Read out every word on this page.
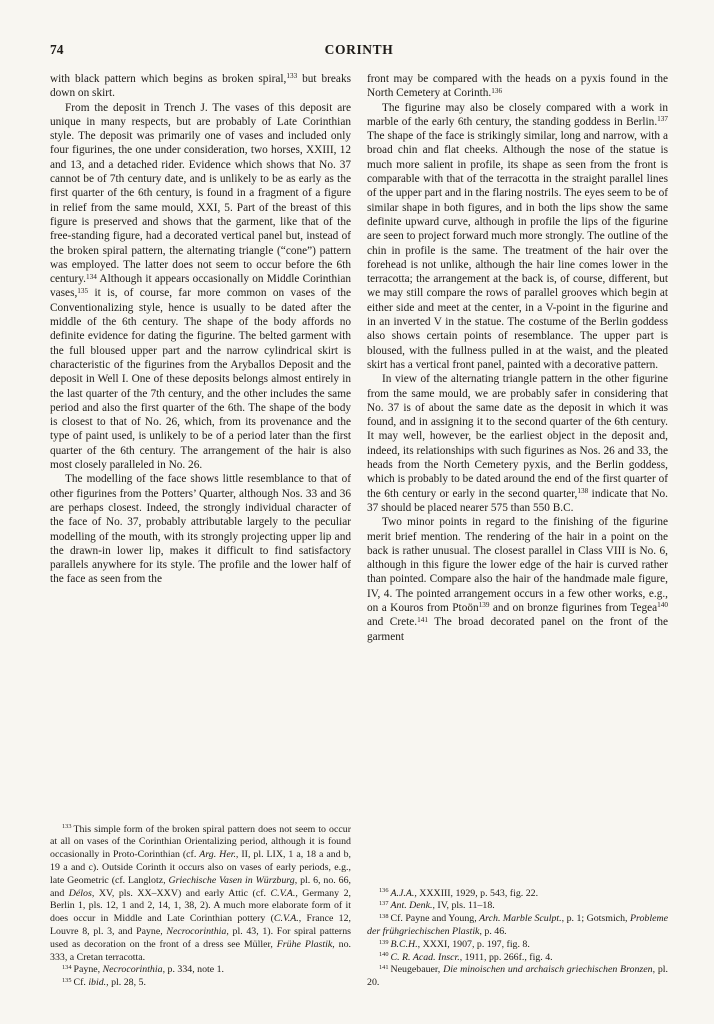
74	CORINTH

with black pattern which begins as broken spiral,$^{133}$ but breaks down on skirt.

From the deposit in Trench J. The vases of this deposit are unique in many respects, but are probably of Late Corinthian style. The deposit was primarily one of vases and included only four figurines, the one under consideration, two horses, XXIII, 12 and 13, and a detached rider. Evidence which shows that No. 37 cannot be of 7th century date, and is unlikely to be as early as the first quarter of the 6th century, is found in a fragment of a figure in relief from the same mould, XXI, 5. Part of the breast of this figure is preserved and shows that the garment, like that of the free-standing figure, had a decorated vertical panel but, instead of the broken spiral pattern, the alternating triangle (“cone”) pattern was employed. The latter does not seem to occur before the 6th century.$^{134}$ Although it appears occasionally on Middle Corinthian vases,$^{135}$ it is, of course, far more common on vases of the Conventionalizing style, hence is usually to be dated after the middle of the 6th century. The shape of the body affords no definite evidence for dating the figurine. The belted garment with the full bloused upper part and the narrow cylindrical skirt is characteristic of the figurines from the Aryballos Deposit and the deposit in Well I. One of these deposits belongs almost entirely in the last quarter of the 7th century, and the other includes the same period and also the first quarter of the 6th. The shape of the body is closest to that of No. 26, which, from its provenance and the type of paint used, is unlikely to be of a period later than the first quarter of the 6th century. The arrangement of the hair is also most closely paralleled in No. 26.

The modelling of the face shows little resemblance to that of other figurines from the Potters’ Quarter, although Nos. 33 and 36 are perhaps closest. Indeed, the strongly individual character of the face of No. 37, probably attributable largely to the peculiar modelling of the mouth, with its strongly projecting upper lip and the drawn-in lower lip, makes it difficult to find satisfactory parallels anywhere for its style. The profile and the lower half of the face as seen from the

$^{133}$ This simple form of the broken spiral pattern does not seem to occur at all on vases of the Corinthian Orientalizing period, although it is found occasionally in Proto-Corinthian (cf. Arg. Her., II, pl. LIX, 1 a, 18 a and b, 19 a and c). Outside Corinth it occurs also on vases of early periods, e.g., late Geometric (cf. Langlotz, Griechische Vasen in Würzburg, pl. 6, no. 66, and Délos, XV, pls. XX–XXV) and early Attic (cf. C.V.A., Germany 2, Berlin 1, pls. 12, 1 and 2, 14, 1, 38, 2). A much more elaborate form of it does occur in Middle and Late Corinthian pottery (C.V.A., France 12, Louvre 8, pl. 3, and Payne, Necrocorinthia, pl. 43, 1). For spiral patterns used as decoration on the front of a dress see Müller, Frühe Plastik, no. 333, a Cretan terracotta.

$^{134}$ Payne, Necrocorinthia, p. 334, note 1.

$^{135}$ Cf. ibid., pl. 28, 5.

front may be compared with the heads on a pyxis found in the North Cemetery at Corinth.$^{136}$

The figurine may also be closely compared with a work in marble of the early 6th century, the standing goddess in Berlin.$^{137}$ The shape of the face is strikingly similar, long and narrow, with a broad chin and flat cheeks. Although the nose of the statue is much more salient in profile, its shape as seen from the front is comparable with that of the terracotta in the straight parallel lines of the upper part and in the flaring nostrils. The eyes seem to be of similar shape in both figures, and in both the lips show the same definite upward curve, although in profile the lips of the figurine are seen to project forward much more strongly. The outline of the chin in profile is the same. The treatment of the hair over the forehead is not unlike, although the hair line comes lower in the terracotta; the arrangement at the back is, of course, different, but we may still compare the rows of parallel grooves which begin at either side and meet at the center, in a V-point in the figurine and in an inverted V in the statue. The costume of the Berlin goddess also shows certain points of resemblance. The upper part is bloused, with the fullness pulled in at the waist, and the pleated skirt has a vertical front panel, painted with a decorative pattern.

In view of the alternating triangle pattern in the other figurine from the same mould, we are probably safer in considering that No. 37 is of about the same date as the deposit in which it was found, and in assigning it to the second quarter of the 6th century. It may well, however, be the earliest object in the deposit and, indeed, its relationships with such figurines as Nos. 26 and 33, the heads from the North Cemetery pyxis, and the Berlin goddess, which is probably to be dated around the end of the first quarter of the 6th century or early in the second quarter,$^{138}$ indicate that No. 37 should be placed nearer 575 than 550 B.C.

Two minor points in regard to the finishing of the figurine merit brief mention. The rendering of the hair in a point on the back is rather unusual. The closest parallel in Class VIII is No. 6, although in this figure the lower edge of the hair is curved rather than pointed. Compare also the hair of the handmade male figure, IV, 4. The pointed arrangement occurs in a few other works, e.g., on a Kouros from Ptoön$^{139}$ and on bronze figurines from Tegea$^{140}$ and Crete.$^{141}$ The broad decorated panel on the front of the garment

$^{136}$ A.J.A., XXXIII, 1929, p. 543, fig. 22.

$^{137}$ Ant. Denk., IV, pls. 11–18.

$^{138}$ Cf. Payne and Young, Arch. Marble Sculpt., p. 1; Gotsmich, Probleme der frühgriechischen Plastik, p. 46.

$^{139}$ B.C.H., XXXI, 1907, p. 197, fig. 8.

$^{140}$ C. R. Acad. Inscr., 1911, pp. 266f., fig. 4.

$^{141}$ Neugebauer, Die minoischen und archaisch griechischen Bronzen, pl. 20.
